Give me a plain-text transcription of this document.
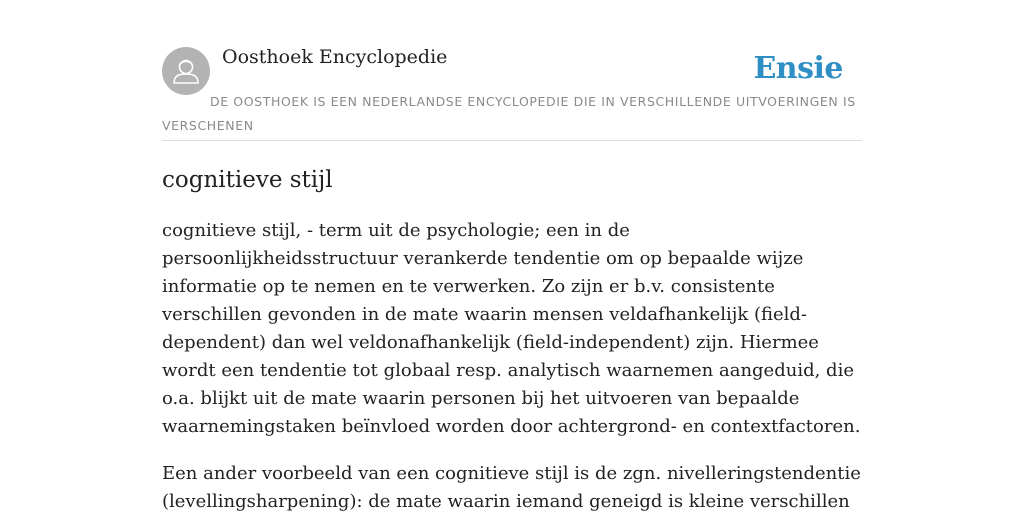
Oosthoek Encyclopedie	Ensie
DE OOSTHOEK IS EEN NEDERLANDSE ENCYCLOPEDIE DIE IN VERSCHILLENDE UITVOERINGEN IS VERSCHENEN
cognitieve stijl

cognitieve stijl, - term uit de psychologie; een in de persoonlijkheidsstructuur verankerde tendentie om op bepaalde wijze informatie op te nemen en te verwerken. Zo zijn er b.v. consistente verschillen gevonden in de mate waarin mensen veldafhankelijk (field-dependent) dan wel veldonafhankelijk (field-independent) zijn. Hiermee wordt een tendentie tot globaal resp. analytisch waarnemen aangeduid, die o.a. blijkt uit de mate waarin personen bij het uitvoeren van bepaalde waarnemingstaken beïnvloed worden door achtergrond- en contextfactoren.

Een ander voorbeeld van een cognitieve stijl is de zgn. nivelleringstendentie (levellingsharpening): de mate waarin iemand geneigd is kleine verschillen
